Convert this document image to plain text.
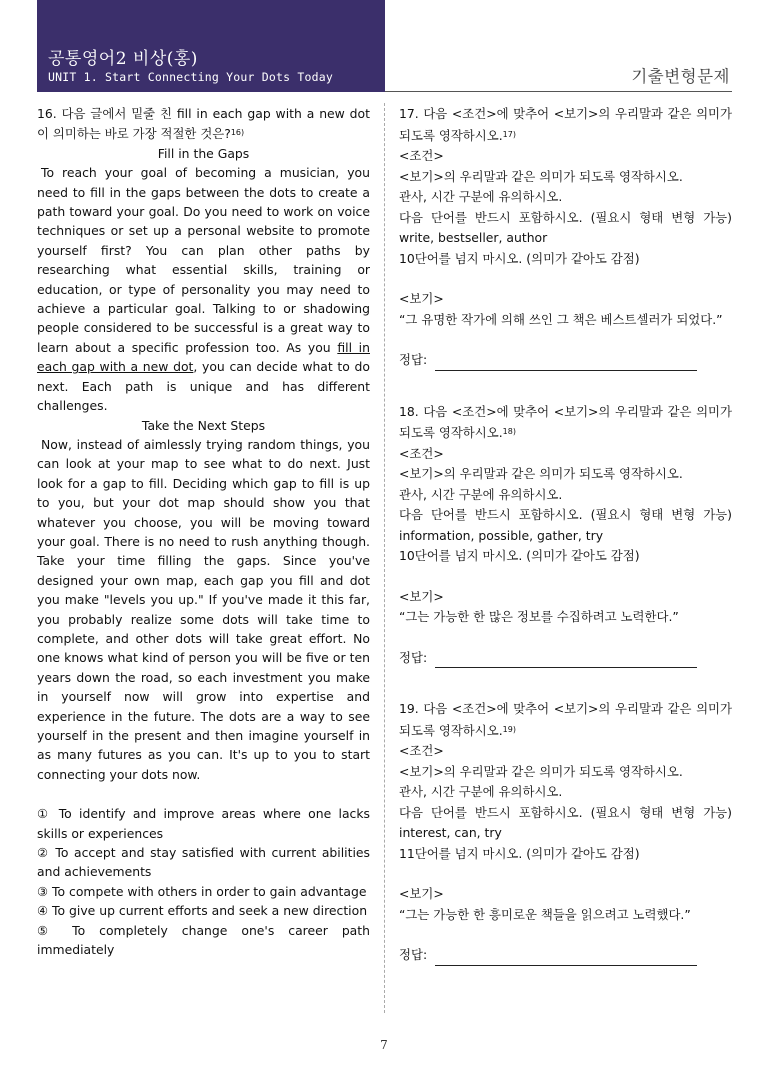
공통영어2 비상(홍)
UNIT 1. Start Connecting Your Dots Today	기출변형문제

16. 다음 글에서 밑줄 친 fill in each gap with a new dot이 의미하는 바로 가장 적절한 것은?$^{16)}$

Fill in the Gaps

To reach your goal of becoming a musician, you need to fill in the gaps between the dots to create a path toward your goal. Do you need to work on voice techniques or set up a personal website to promote yourself first? You can plan other paths by researching what essential skills, training or education, or type of personality you may need to achieve a particular goal. Talking to or shadowing people considered to be successful is a great way to learn about a specific profession too. As you fill in each gap with a new dot, you can decide what to do next. Each path is unique and has different challenges.

Take the Next Steps

Now, instead of aimlessly trying random things, you can look at your map to see what to do next. Just look for a gap to fill. Deciding which gap to fill is up to you, but your dot map should show you that whatever you choose, you will be moving toward your goal. There is no need to rush anything though. Take your time filling the gaps. Since you've designed your own map, each gap you fill and dot you make "levels you up." If you've made it this far, you probably realize some dots will take time to complete, and other dots will take great effort. No one knows what kind of person you will be five or ten years down the road, so each investment you make in yourself now will grow into expertise and experience in the future. The dots are a way to see yourself in the present and then imagine yourself in as many futures as you can. It's up to you to start connecting your dots now.

① To identify and improve areas where one lacks skills or experiences

② To accept and stay satisfied with current abilities and achievements

③ To compete with others in order to gain advantage

④ To give up current efforts and seek a new direction

⑤ To completely change one's career path immediately

17. 다음 <조건>에 맞추어 <보기>의 우리말과 같은 의미가 되도록 영작하시오.$^{17)}$

<조건>

<보기>의 우리말과 같은 의미가 되도록 영작하시오.

관사, 시간 구분에 유의하시오.

다음 단어를 반드시 포함하시오. (필요시 형태 변형 가능) write, bestseller, author

10단어를 넘지 마시오. (의미가 같아도 감점)

<보기>

“그 유명한 작가에 의해 쓰인 그 책은 베스트셀러가 되었다.”

정답:

18. 다음 <조건>에 맞추어 <보기>의 우리말과 같은 의미가 되도록 영작하시오.$^{18)}$

<조건>

<보기>의 우리말과 같은 의미가 되도록 영작하시오.

관사, 시간 구분에 유의하시오.

다음 단어를 반드시 포함하시오. (필요시 형태 변형 가능) information, possible, gather, try

10단어를 넘지 마시오. (의미가 같아도 감점)

<보기>

“그는 가능한 한 많은 정보를 수집하려고 노력한다.”

정답:

19. 다음 <조건>에 맞추어 <보기>의 우리말과 같은 의미가 되도록 영작하시오.$^{19)}$

<조건>

<보기>의 우리말과 같은 의미가 되도록 영작하시오.

관사, 시간 구분에 유의하시오.

다음 단어를 반드시 포함하시오. (필요시 형태 변형 가능) interest, can, try

11단어를 넘지 마시오. (의미가 같아도 감점)

<보기>

“그는 가능한 한 흥미로운 책들을 읽으려고 노력했다.”

정답:

7
